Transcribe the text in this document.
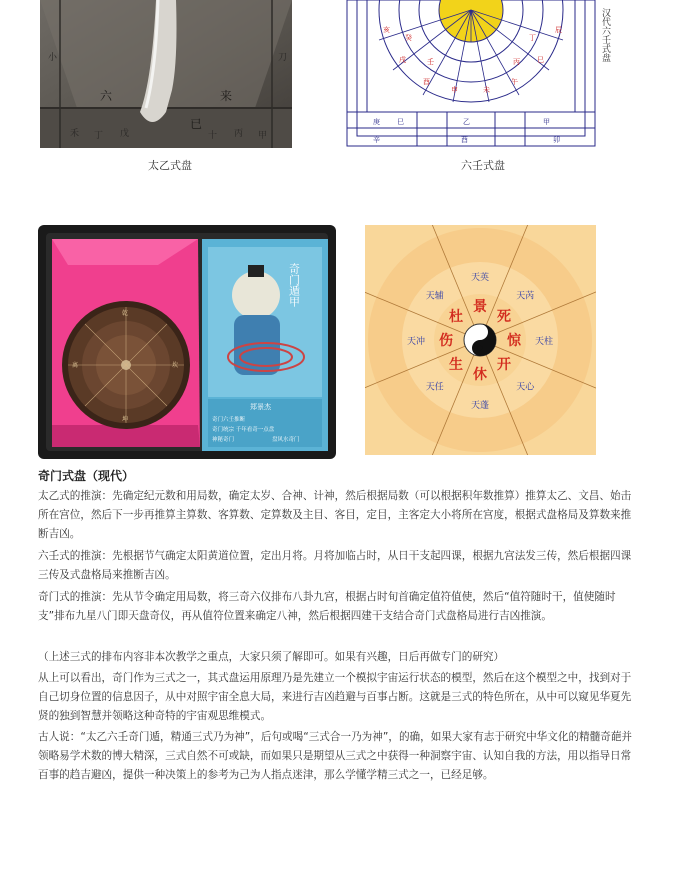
六	来
已
禾 丁 戊	十 丙 甲
小	刀
太乙式盘
亥
戌
酉
申	未
午
巳
辰
癸
壬	丙
丁
庚 巳	乙	甲
辛	酉	卯
汉代六壬式盘
六壬式盘
乾
坤
离	坎
奇门遁甲
郑景杰
奇门六壬推断
奇门统宗 千年看奇一点盘
神秘奇门	盘风水奇门
景
天英
死
天芮
惊 天柱
开
天心
休
天蓬
生
天任
伤
天冲
杜
天辅
奇门式盘（现代）

太乙式的推演：先确定纪元数和用局数，确定太岁、合神、计神，然后根据局数（可以根据积年数推算）推算太乙、文昌、始击所在宫位，然后下一步再推算主算数、客算数、定算数及主目、客目，定目，主客定大小将所在宫度，根据式盘格局及算数来推断吉凶。

六壬式的推演：先根据节气确定太阳黄道位置，定出月将。月将加临占时，从日干支起四课，根据九宫法发三传，然后根据四课三传及式盘格局来推断吉凶。

奇门式的推演：先从节令确定用局数，将三奇六仪排布八卦九宫，根据占时旬首确定值符值使，然后“值符随时干，值使随时支”排布九星八门即天盘奇仪，再从值符位置来确定八神，然后根据四建干支结合奇门式盘格局进行吉凶推演。

（上述三式的排布内容非本次教学之重点，大家只须了解即可。如果有兴趣，日后再做专门的研究）

从上可以看出，奇门作为三式之一，其式盘运用原理乃是先建立一个模拟宇宙运行状态的模型，然后在这个模型之中，找到对于自己切身位置的信息因子，从中对照宇宙全息大局，来进行吉凶趋避与百事占断。这就是三式的特色所在，从中可以窥见华夏先贤的独到智慧并领略这种奇特的宇宙观思维模式。

古人说：“太乙六壬奇门遁，精通三式乃为神”，后句或喝“三式合一乃为神”，的确，如果大家有志于研究中华文化的精髓奇葩并领略易学术数的博大精深，三式自然不可或缺，而如果只是期望从三式之中获得一种洞察宇宙、认知自我的方法，用以指导日常百事的趋吉避凶，提供一种决策上的参考为己为人指点迷津，那么学懂学精三式之一，已经足够。
